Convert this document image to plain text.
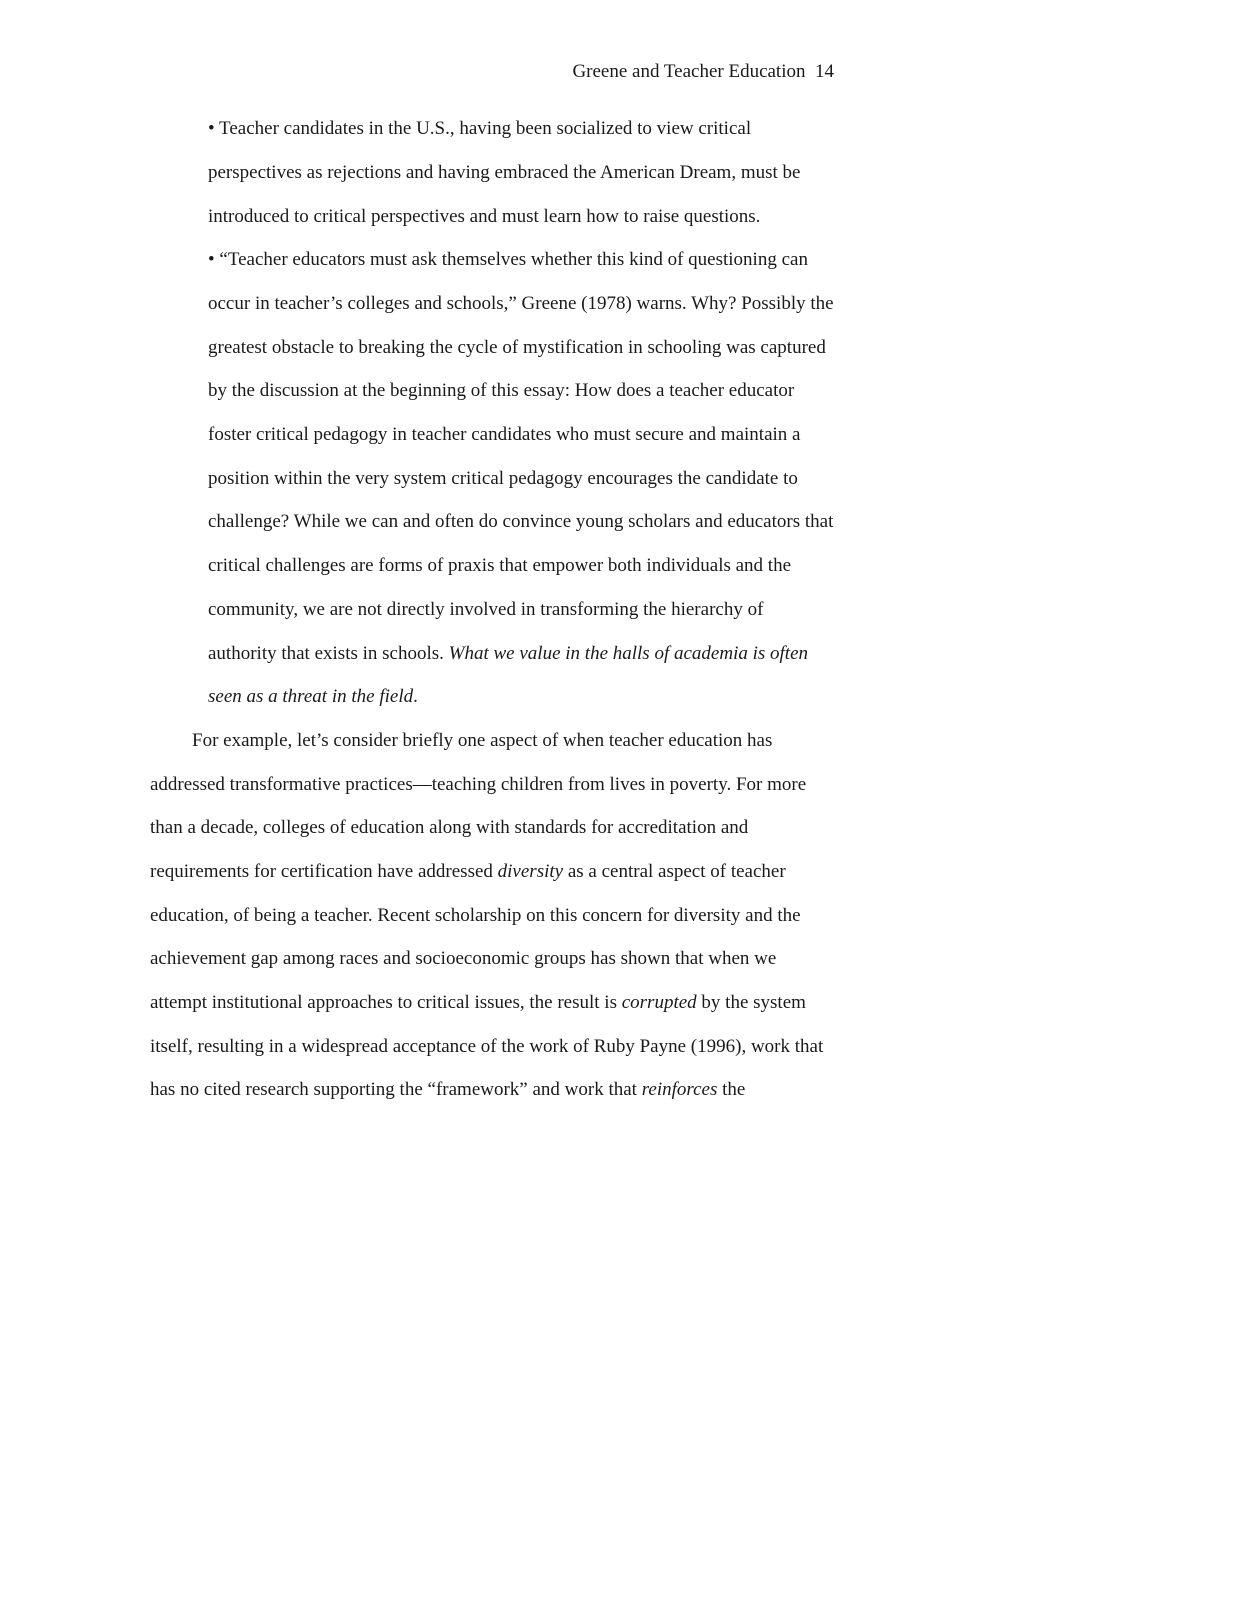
Greene and Teacher Education 14
• Teacher candidates in the U.S., having been socialized to view critical
perspectives as rejections and having embraced the American Dream, must be
introduced to critical perspectives and must learn how to raise questions.
• “Teacher educators must ask themselves whether this kind of questioning can
occur in teacher’s colleges and schools,” Greene (1978) warns. Why? Possibly the
greatest obstacle to breaking the cycle of mystification in schooling was captured
by the discussion at the beginning of this essay: How does a teacher educator
foster critical pedagogy in teacher candidates who must secure and maintain a
position within the very system critical pedagogy encourages the candidate to
challenge? While we can and often do convince young scholars and educators that
critical challenges are forms of praxis that empower both individuals and the
community, we are not directly involved in transforming the hierarchy of
authority that exists in schools. What we value in the halls of academia is often
seen as a threat in the field.
For example, let’s consider briefly one aspect of when teacher education has
addressed transformative practices—teaching children from lives in poverty. For more
than a decade, colleges of education along with standards for accreditation and
requirements for certification have addressed diversity as a central aspect of teacher
education, of being a teacher. Recent scholarship on this concern for diversity and the
achievement gap among races and socioeconomic groups has shown that when we
attempt institutional approaches to critical issues, the result is corrupted by the system
itself, resulting in a widespread acceptance of the work of Ruby Payne (1996), work that
has no cited research supporting the “framework” and work that reinforces the
